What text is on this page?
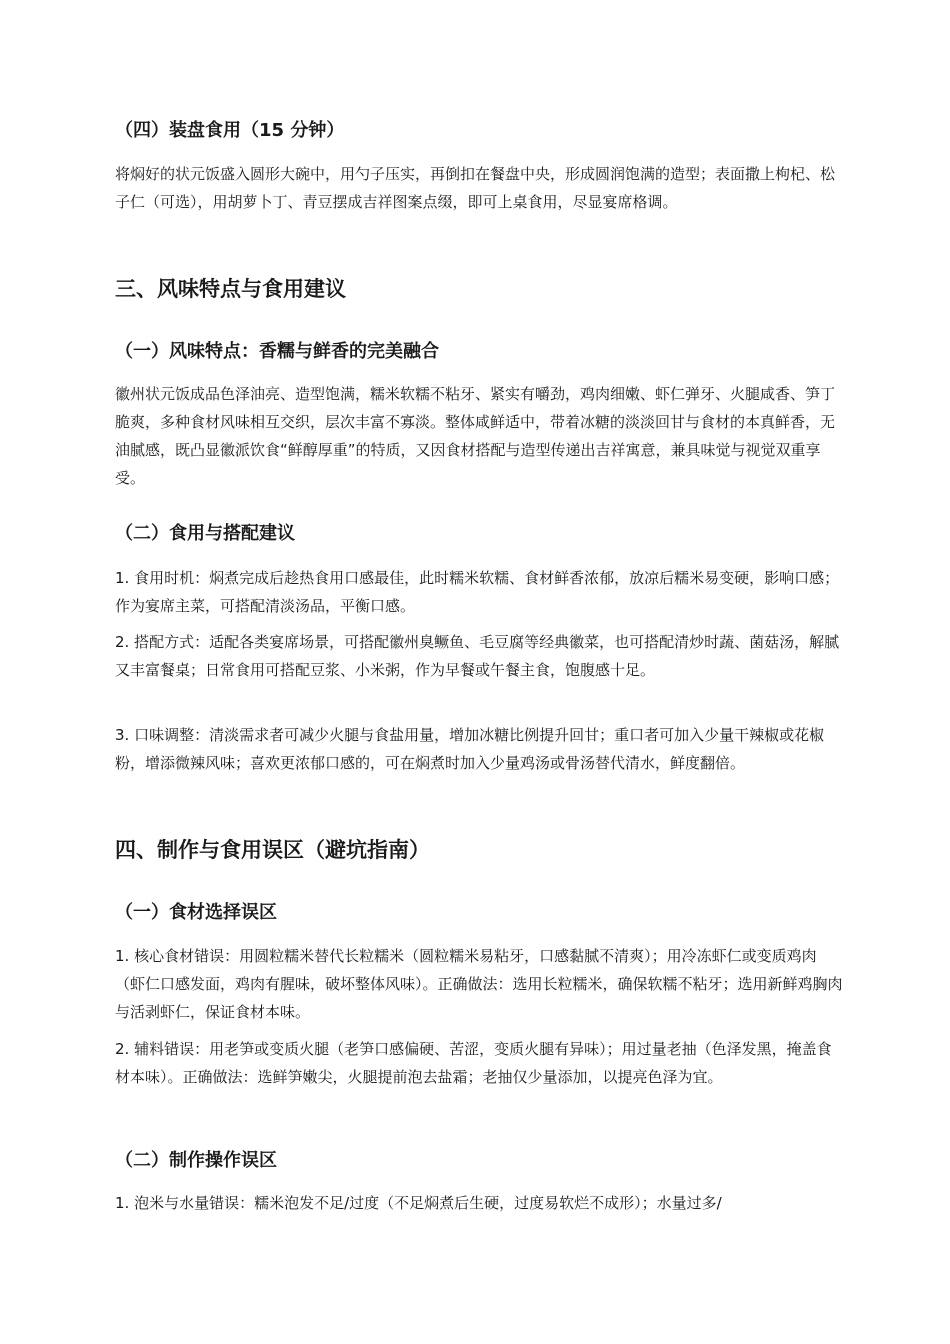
（四）装盘食用（15 分钟）

将焖好的状元饭盛入圆形大碗中，用勺子压实，再倒扣在餐盘中央，形成圆润饱满的造型；表面撒上枸杞、松子仁（可选），用胡萝卜丁、青豆摆成吉祥图案点缀，即可上桌食用，尽显宴席格调。

三、风味特点与食用建议
（一）风味特点：香糯与鲜香的完美融合

徽州状元饭成品色泽油亮、造型饱满，糯米软糯不粘牙、紧实有嚼劲，鸡肉细嫩、虾仁弹牙、火腿咸香、笋丁脆爽，多种食材风味相互交织，层次丰富不寡淡。整体咸鲜适中，带着冰糖的淡淡回甘与食材的本真鲜香，无油腻感，既凸显徽派饮食“鲜醇厚重”的特质，又因食材搭配与造型传递出吉祥寓意，兼具味觉与视觉双重享受。

（二）食用与搭配建议

1. 食用时机：焖煮完成后趁热食用口感最佳，此时糯米软糯、食材鲜香浓郁，放凉后糯米易变硬，影响口感；作为宴席主菜，可搭配清淡汤品，平衡口感。

2. 搭配方式：适配各类宴席场景，可搭配徽州臭鳜鱼、毛豆腐等经典徽菜，也可搭配清炒时蔬、菌菇汤，解腻又丰富餐桌；日常食用可搭配豆浆、小米粥，作为早餐或午餐主食，饱腹感十足。

3. 口味调整：清淡需求者可减少火腿与食盐用量，增加冰糖比例提升回甘；重口者可加入少量干辣椒或花椒粉，增添微辣风味；喜欢更浓郁口感的，可在焖煮时加入少量鸡汤或骨汤替代清水，鲜度翻倍。

四、制作与食用误区（避坑指南）
（一）食材选择误区

1. 核心食材错误：用圆粒糯米替代长粒糯米（圆粒糯米易粘牙，口感黏腻不清爽）；用冷冻虾仁或变质鸡肉（虾仁口感发面，鸡肉有腥味，破坏整体风味）。正确做法：选用长粒糯米，确保软糯不粘牙；选用新鲜鸡胸肉与活剥虾仁，保证食材本味。

2. 辅料错误：用老笋或变质火腿（老笋口感偏硬、苦涩，变质火腿有异味）；用过量老抽（色泽发黑，掩盖食材本味）。正确做法：选鲜笋嫩尖，火腿提前泡去盐霜；老抽仅少量添加，以提亮色泽为宜。

（二）制作操作误区

1. 泡米与水量错误：糯米泡发不足/过度（不足焖煮后生硬，过度易软烂不成形）；水量过多/
